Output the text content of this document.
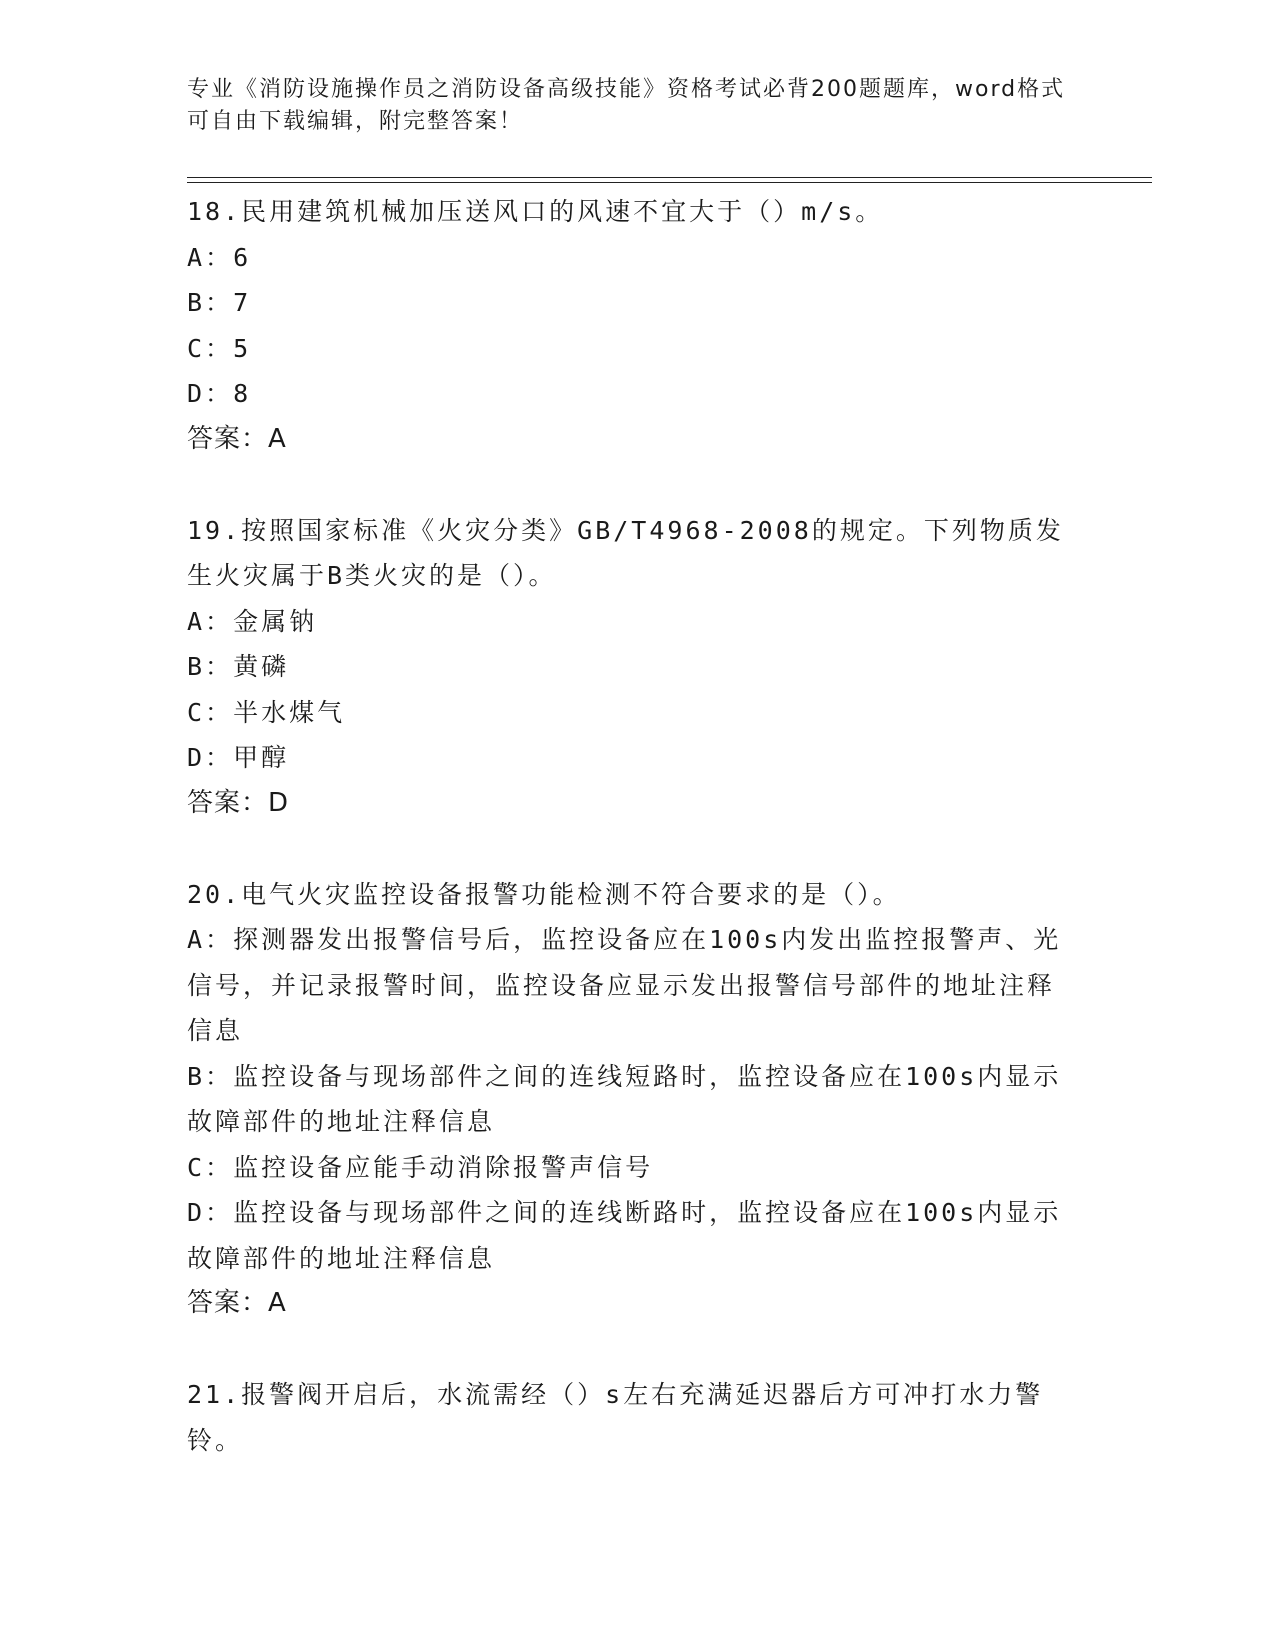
专业《消防设施操作员之消防设备高级技能》资格考试必背200题题库，word格式可自由下载编辑，附完整答案！

18.民用建筑机械加压送风口的风速不宜大于（）m/s。

A：6

B：7

C：5

D：8

答案：A

19.按照国家标准《火灾分类》GB/T4968-2008的规定。下列物质发生火灾属于B类火灾的是（）。

A：金属钠

B：黄磷

C：半水煤气

D：甲醇

答案：D

20.电气火灾监控设备报警功能检测不符合要求的是（）。

A：探测器发出报警信号后，监控设备应在100s内发出监控报警声、光信号，并记录报警时间，监控设备应显示发出报警信号部件的地址注释信息

B：监控设备与现场部件之间的连线短路时，监控设备应在100s内显示故障部件的地址注释信息

C：监控设备应能手动消除报警声信号

D：监控设备与现场部件之间的连线断路时，监控设备应在100s内显示故障部件的地址注释信息

答案：A

21.报警阀开启后，水流需经（）s左右充满延迟器后方可冲打水力警铃。
